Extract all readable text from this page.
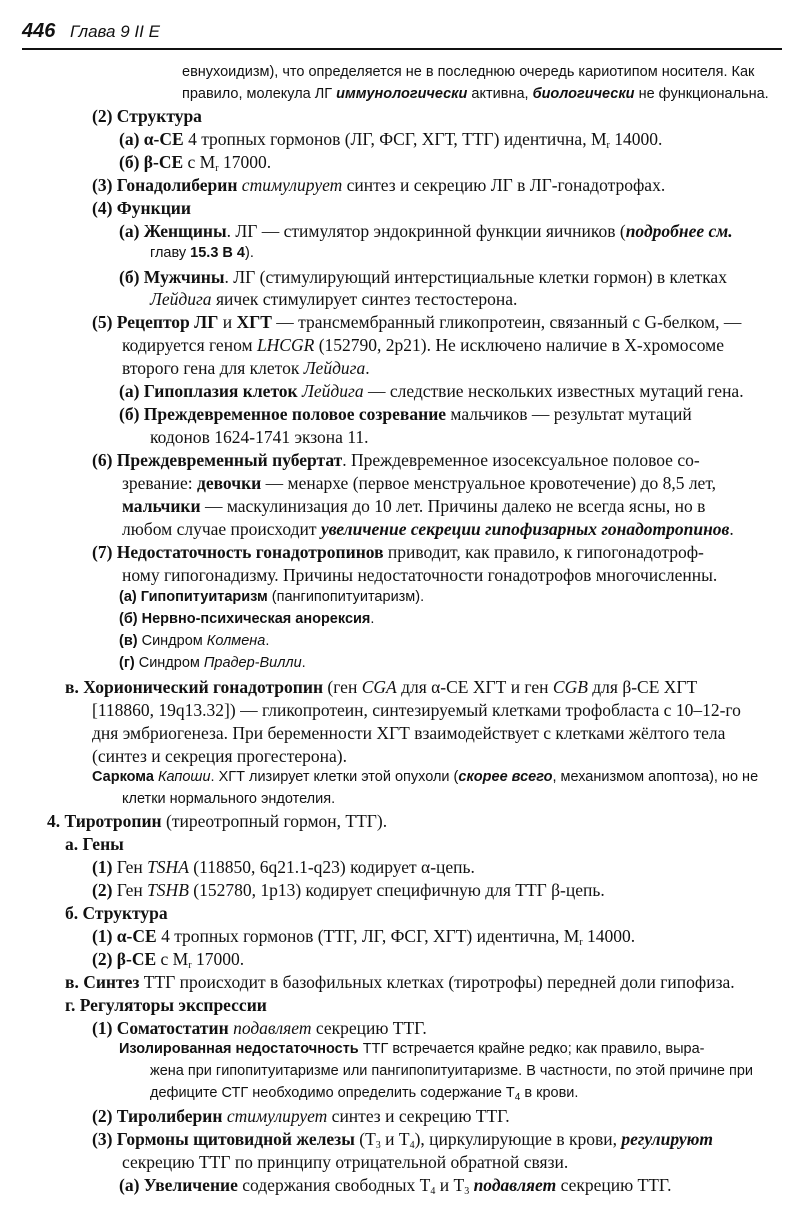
446 Глава 9 II E
евнухоидизм), что определяется не в последнюю очередь кариотипом носителя. Как
правило, молекула ЛГ иммунологически активна, биологически не функциональна.
(2) Структура
(а) α-СЕ 4 тропных гормонов (ЛГ, ФСГ, ХГТ, ТТГ) идентична, $М_r$ 14000.
(б) β-СЕ с $М_r$ 17000.
(3) Гонадолиберин стимулирует синтез и секрецию ЛГ в ЛГ-гонадотрофах.
(4) Функции
(а) Женщины. ЛГ — стимулятор эндокринной функции яичников (подробнее см.
главу 15.3 В 4).
(б) Мужчины. ЛГ (стимулирующий интерстициальные клетки гормон) в клетках
Лейдига яичек стимулирует синтез тестостерона.
(5) Рецептор ЛГ и ХГТ — трансмембранный гликопротеин, связанный с G-белком, —
кодируется геном LHCGR (152790, 2p21). Не исключено наличие в Х-хромосоме
второго гена для клеток Лейдига.
(а) Гипоплазия клеток Лейдига — следствие нескольких известных мутаций гена.
(б) Преждевременное половое созревание мальчиков — результат мутаций
кодонов 1624-1741 экзона 11.
(6) Преждевременный пубертат. Преждевременное изосексуальное половое со-
зревание: девочки — менархе (первое менструальное кровотечение) до 8,5 лет,
мальчики — маскулинизация до 10 лет. Причины далеко не всегда ясны, но в
любом случае происходит увеличение секреции гипофизарных гонадотропинов.
(7) Недостаточность гонадотропинов приводит, как правило, к гипогонадотроф-
ному гипогонадизму. Причины недостаточности гонадотрофов многочисленны.
(а) Гипопитуитаризм (пангипопитуитаризм).
(б) Нервно-психическая анорексия.
(в) Синдром Колмена.
(г) Синдром Прадер-Вилли.
в. Хорионический гонадотропин (ген CGA для α-СЕ ХГТ и ген CGB для β-СЕ ХГТ
[118860, 19q13.32]) — гликопротеин, синтезируемый клетками трофобласта с 10–12-го
дня эмбриогенеза. При беременности ХГТ взаимодействует с клетками жёлтого тела
(синтез и секреция прогестерона).
Саркома Капоши. ХГТ лизирует клетки этой опухоли (скорее всего, механизмом апоптоза), но не
клетки нормального эндотелия.
4. Тиротропин (тиреотропный гормон, ТТГ).
а. Гены
(1) Ген TSHA (118850, 6q21.1-q23) кодирует α-цепь.
(2) Ген TSHB (152780, 1p13) кодирует специфичную для ТТГ β-цепь.
б. Структура
(1) α-СЕ 4 тропных гормонов (ТТГ, ЛГ, ФСГ, ХГТ) идентична, $М_r$ 14000.
(2) β-СЕ с $М_r$ 17000.
в. Синтез ТТГ происходит в базофильных клетках (тиротрофы) передней доли гипофиза.
г. Регуляторы экспрессии
(1) Соматостатин подавляет секрецию ТТГ.
Изолированная недостаточность ТТГ встречается крайне редко; как правило, выра-
жена при гипопитуитаризме или пангипопитуитаризме. В частности, по этой причине при
дефиците СТГ необходимо определить содержание $Т_4$ в крови.
(2) Тиролиберин стимулирует синтез и секрецию ТТГ.
(3) Гормоны щитовидной железы ($Т_3$ и $Т_4$), циркулирующие в крови, регулируют
секрецию ТТГ по принципу отрицательной обратной связи.
(а) Увеличение содержания свободных $Т_4$ и $Т_3$ подавляет секрецию ТТГ.
